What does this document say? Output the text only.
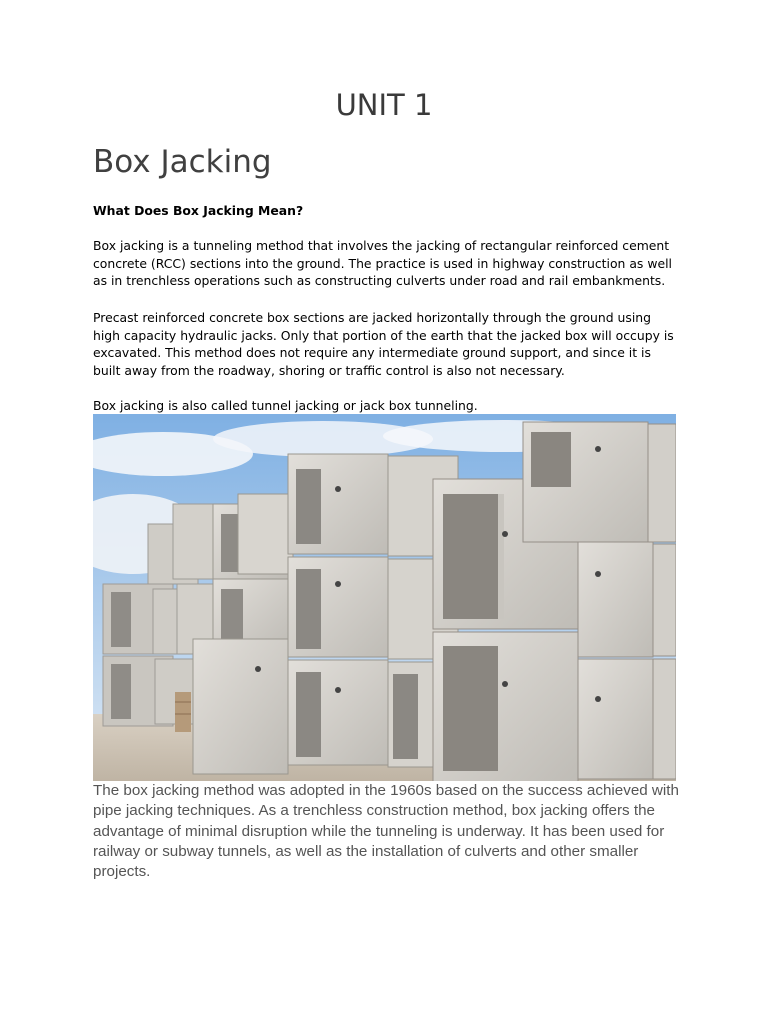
UNIT 1
Box Jacking

What Does Box Jacking Mean?

Box jacking is a tunneling method that involves the jacking of rectangular reinforced cement concrete (RCC) sections into the ground. The practice is used in highway construction as well as in trenchless operations such as constructing culverts under road and rail embankments.

Precast reinforced concrete box sections are jacked horizontally through the ground using high capacity hydraulic jacks. Only that portion of the earth that the jacked box will occupy is excavated. This method does not require any intermediate ground support, and since it is built away from the roadway, shoring or traffic control is also not necessary.

Box jacking is also called tunnel jacking or jack box tunneling.

The box jacking method was adopted in the 1960s based on the success achieved with pipe jacking techniques. As a trenchless construction method, box jacking offers the advantage of minimal disruption while the tunneling is underway. It has been used for railway or subway tunnels, as well as the installation of culverts and other smaller projects.
